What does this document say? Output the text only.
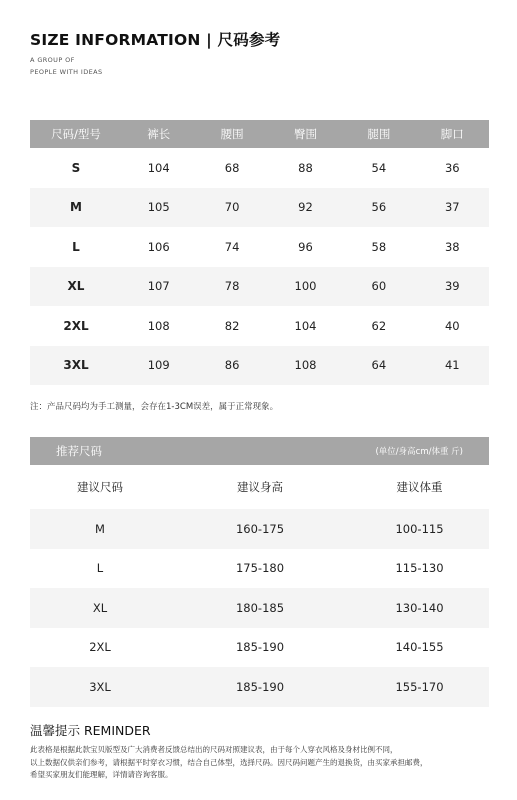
SIZE INFORMATION | 尺码参考
A GROUP OF
PEOPLE WITH IDEAS
尺码/型号	裤长	腰围	臀围	腿围	脚口
S	104	68	88	54	36
M	105	70	92	56	37
L	106	74	96	58	38
XL	107	78	100	60	39
2XL	108	82	104	62	40
3XL	109	86	108	64	41
注：产品尺码均为手工测量，会存在1-3CM误差，属于正常现象。
推荐尺码	(单位/身高cm/体重 斤)
建议尺码	建议身高	建议体重
M	160-175	100-115
L	175-180	115-130
XL	180-185	130-140
2XL	185-190	140-155
3XL	185-190	155-170
温馨提示 REMINDER
此表格是根据此款宝贝版型及广大消费者反馈总结出的尺码对照建议表，由于每个人穿衣风格及身材比例不同，
以上数据仅供亲们参考，请根据平时穿衣习惯，结合自己体型，选择尺码。因尺码问题产生的退换货，由买家承担邮费，
希望买家朋友们能理解，详情请咨询客服。
